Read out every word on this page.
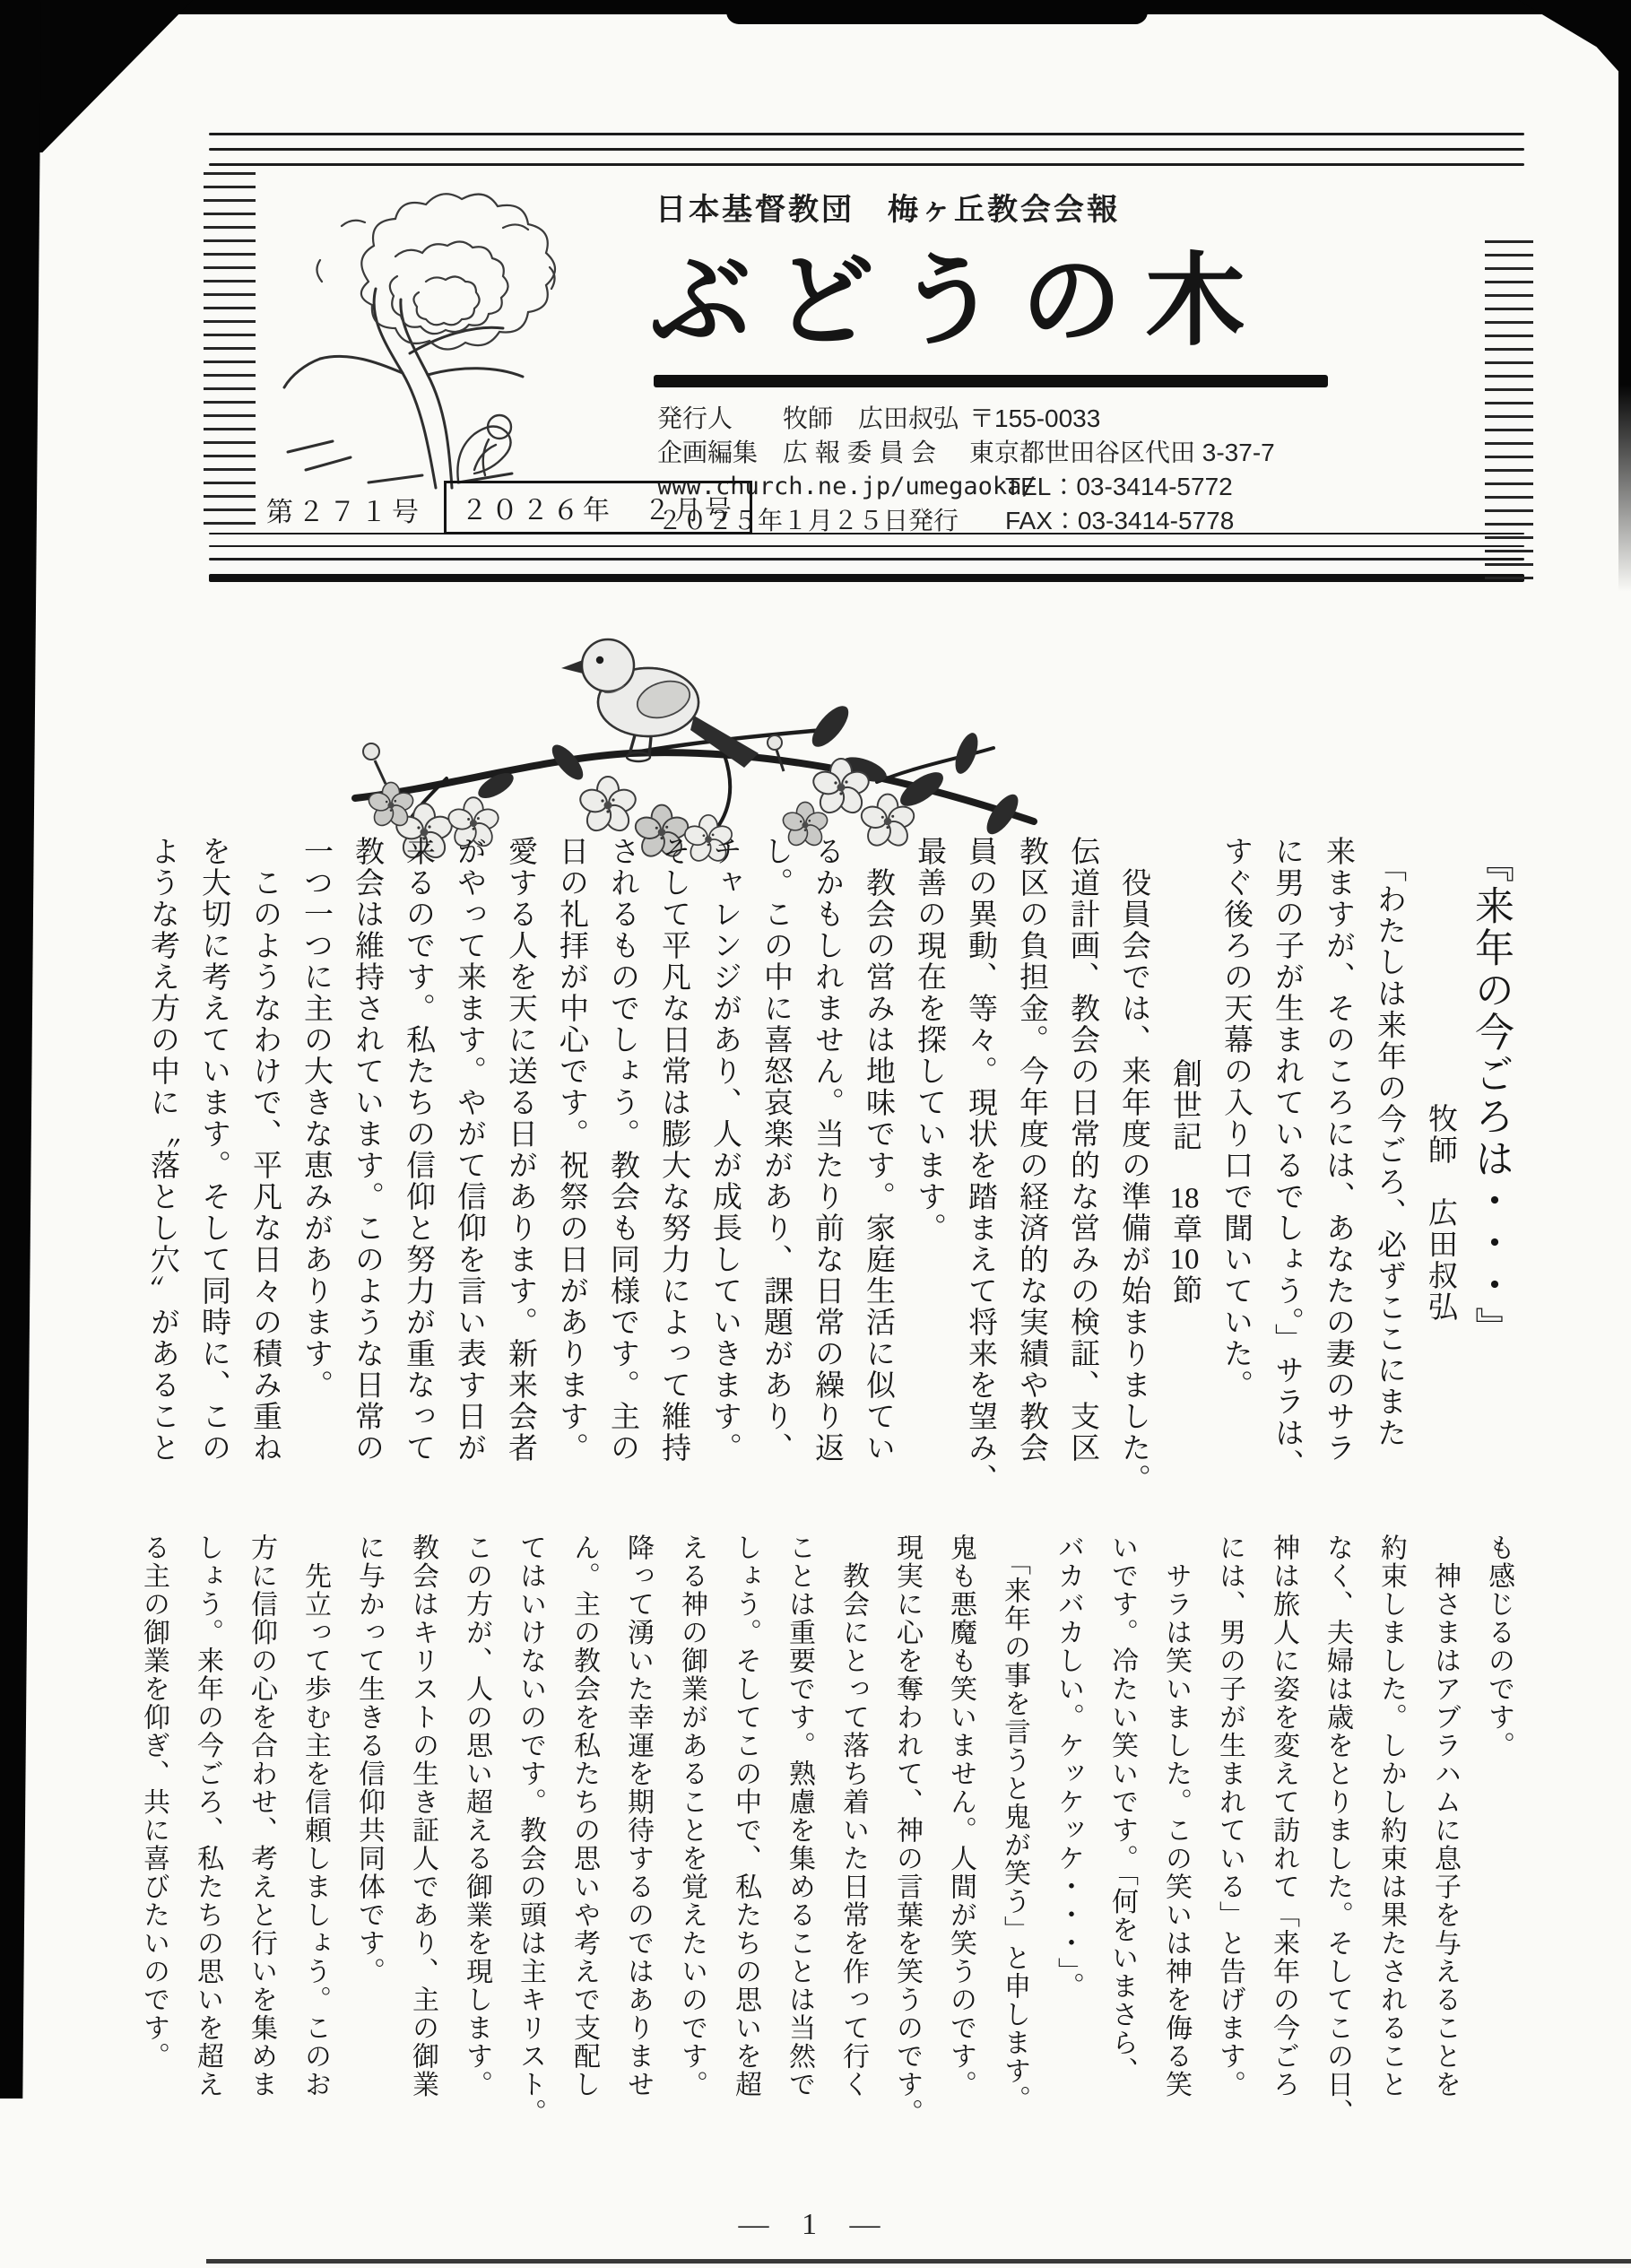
日本基督教団　梅ヶ丘教会会報
ぶどうの木
発行人　　牧師　広田叔弘
企画編集　広 報 委 員 会
www.church.ne.jp/umegaoka/
２０２５年１月２５日発行
〒155-0033
東京都世田谷区代田 3-37-7
TEL：03-3414-5772
FAX：03-3414-5778
第２７１号	２０２６年　２月号

『来年の今ごろは・・・』

牧師　広田叔弘

　「わたしは来年の今ごろ、必ずここにまた

来ますが、そのころには、あなたの妻のサラ

に男の子が生まれているでしょう。」サラは、

すぐ後ろの天幕の入り口で聞いていた。

創世記　18章10節

　役員会では、来年度の準備が始まりました。

伝道計画、教会の日常的な営みの検証、支区

教区の負担金。今年度の経済的な実績や教会

員の異動、等々。現状を踏まえて将来を望み、

最善の現在を探しています。

　教会の営みは地味です。家庭生活に似てい

るかもしれません。当たり前な日常の繰り返

し。この中に喜怒哀楽があり、課題があり、

チャレンジがあり、人が成長していきます。

そして平凡な日常は膨大な努力によって維持

されるものでしょう。教会も同様です。主の

日の礼拝が中心です。祝祭の日があります。

愛する人を天に送る日があります。新来会者

がやって来ます。やがて信仰を言い表す日が

来るのです。私たちの信仰と努力が重なって

教会は維持されています。このような日常の

一つ一つに主の大きな恵みがあります。

　このようなわけで、平凡な日々の積み重ね

を大切に考えています。そして同時に、この

ような考え方の中に〝落とし穴〟があること

も感じるのです。

　神さまはアブラハムに息子を与えることを

約束しました。しかし約束は果たされること

なく、夫婦は歳をとりました。そしてこの日、

神は旅人に姿を変えて訪れて「来年の今ごろ

には、男の子が生まれている」と告げます。

　サラは笑いました。この笑いは神を侮る笑

いです。冷たい笑いです。「何をいまさら、

バカバカしい。ケッケッケ・・・」。

　「来年の事を言うと鬼が笑う」と申します。

鬼も悪魔も笑いません。人間が笑うのです。

現実に心を奪われて、神の言葉を笑うのです。

　教会にとって落ち着いた日常を作って行く

ことは重要です。熟慮を集めることは当然で

しょう。そしてこの中で、私たちの思いを超

える神の御業があることを覚えたいのです。

降って湧いた幸運を期待するのではありませ

ん。主の教会を私たちの思いや考えで支配し

てはいけないのです。教会の頭は主キリスト。

この方が、人の思い超える御業を現します。

教会はキリストの生き証人であり、主の御業

に与かって生きる信仰共同体です。

　先立って歩む主を信頼しましょう。このお

方に信仰の心を合わせ、考えと行いを集めま

しょう。来年の今ごろ、私たちの思いを超え

る主の御業を仰ぎ、共に喜びたいのです。

— 1 —
